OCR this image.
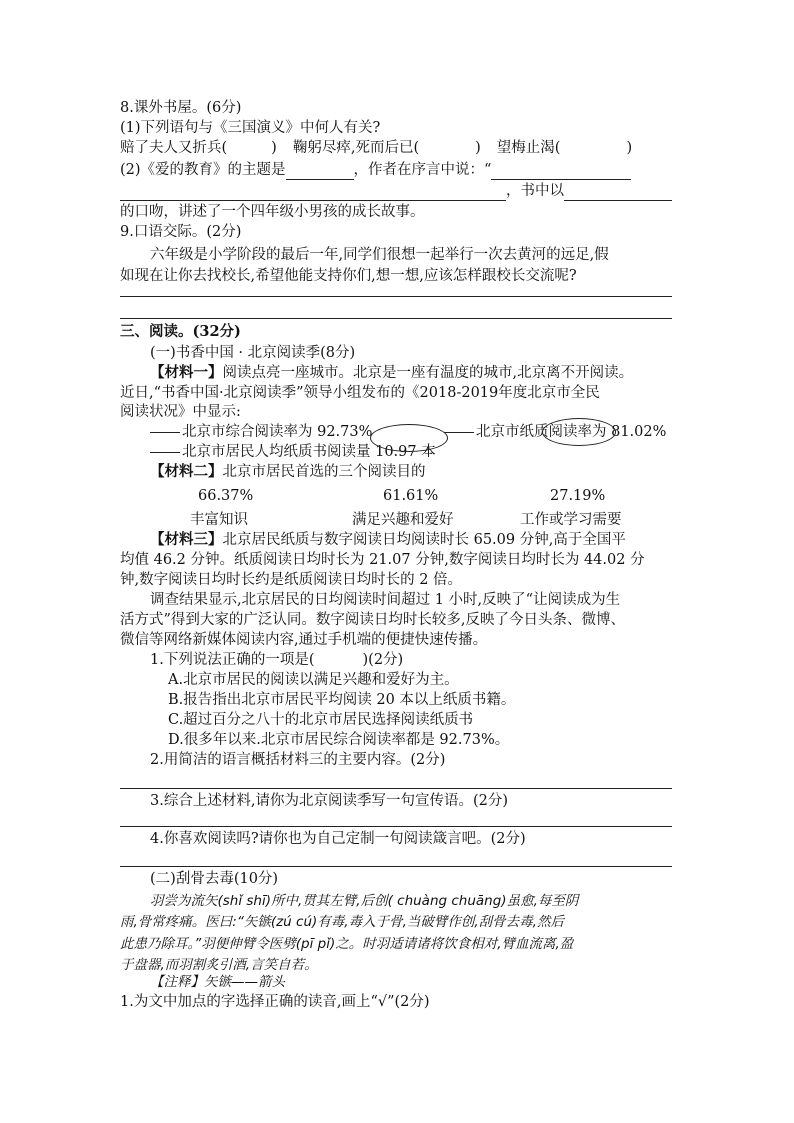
8.课外书屋。(6分)
(1)下列语句与《三国演义》中何人有关?
赔了夫人又折兵(	) 鞠躬尽瘁,死而后已(	) 望梅止渴(	)
(2)《爱的教育》的主题是	，作者在序言中说：“
，书中以
的口吻，讲述了一个四年级小男孩的成长故事。
9.口语交际。(2分)
六年级是小学阶段的最后一年,同学们很想一起举行一次去黄河的远足,假
如现在让你去找校长,希望他能支持你们,想一想,应该怎样跟校长交流呢?
三、阅读。(32分)
(一)书香中国 · 北京阅读季(8分)
【材料一】阅读点亮一座城市。北京是一座有温度的城市,北京离不开阅读。
近日,“书香中国·北京阅读季”领导小组发布的《2018-2019年度北京市全民
阅读状况》中显示:
北京市综合阅读率为 92.73%	北京市纸质阅读率为 81.02%
北京市居民人均纸质书阅读量 10.97 本
【材料二】北京市居民首选的三个阅读目的
66.37%	61.61%	27.19%
丰富知识	满足兴趣和爱好	工作或学习需要
【材料三】北京居民纸质与数字阅读日均阅读时长 65.09 分钟,高于全国平
均值 46.2 分钟。纸质阅读日均时长为 21.07 分钟,数字阅读日均时长为 44.02 分
钟,数字阅读日均时长约是纸质阅读日均时长的 2 倍。
调查结果显示,北京居民的日均阅读时间超过 1 小时,反映了“让阅读成为生
活方式”得到大家的广泛认同。数字阅读日均时长较多,反映了今日头条、微博、
微信等网络新媒体阅读内容,通过手机端的便捷快速传播。
1.下列说法正确的一项是(	)(2分)
A.北京市居民的阅读以满足兴趣和爱好为主。
B.报告指出北京市居民平均阅读 20 本以上纸质书籍。
C.超过百分之八十的北京市居民选择阅读纸质书
D.很多年以来.北京市居民综合阅读率都是 92.73%。
2.用简洁的语言概括材料三的主要内容。(2分)
3.综合上述材料,请你为北京阅读季写一句宣传语。(2分)
4.你喜欢阅读吗?请你也为自己定制一句阅读箴言吧。(2分)
(二)刮骨去毒(10分)
羽尝为流矢(shǐ shī)所中,贯其左臂,后创( chuàng chuāng)虽愈,每至阴
雨,骨常疼痛。医曰:“矢镞(zú cú)有毒,毒入于骨,当破臂作创,刮骨去毒,然后
此患乃除耳。”羽便伸臂令医劈(pī pǐ)之。时羽适请诸将饮食相对,臂血流离,盈
于盘器,而羽割炙引酒,言笑自若。
【注释】矢镞——箭头
1.为文中加点的字选择正确的读音,画上“√”(2分)
